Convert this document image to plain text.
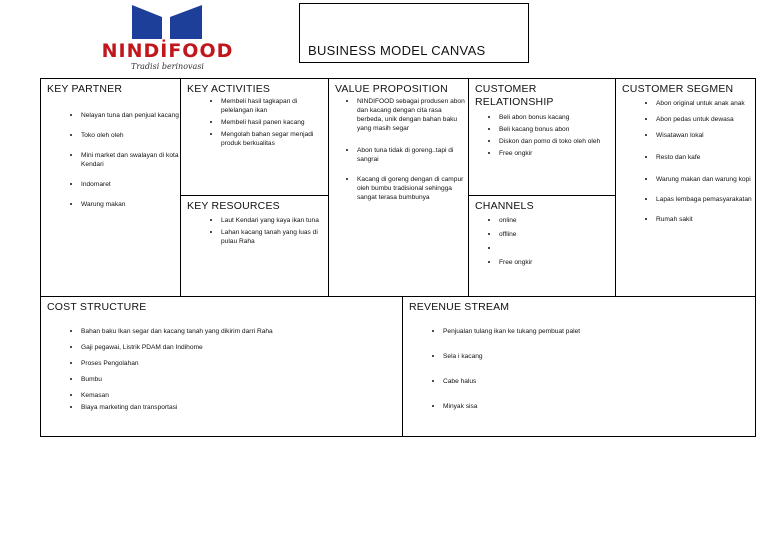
NINDİFOOD
Tradisi berinovasi
BUSINESS MODEL CANVAS
KEY PARTNER
• Nelayan tuna dan penjual kacang
• Toko oleh oleh
• Mini market dan swalayan di kota Kendari
• Indomaret
• Warung makan
KEY ACTIVITIES
• Membeli hasil tagkapan di pelelangan ikan
• Membeli hasil panen kacang
• Mengolah bahan segar menjadi produk berkualitas
KEY RESOURCES
• Laut Kendari yang kaya ikan tuna
• Lahan kacang tanah yang luas di pulau Raha
VALUE PROPOSITION
• NINDIFOOD sebagai produsen abon dan kacang dengan cita rasa berbeda, unik dengan bahan baku yang masih segar
• Abon tuna tidak di goreng..tapi di sangrai
• Kacang di goreng dengan di campur oleh bumbu tradisional sehingga sangat terasa bumbunya
CUSTOMER RELATIONSHIP
• Beli abon bonus kacang
• Beli kacang bonus abon
• Diskon dan pomo di toko oleh oleh
• Free ongkir
CHANNELS
• online
• offline
•
• Free ongkir
CUSTOMER SEGMEN
• Abon original untuk anak anak
• Abon pedas untuk dewasa
• Wisatawan lokal
• Resto dan kafe
• Warung makan dan warung kopi
• Lapas lembaga pemasyarakatan
• Rumah sakit
COST STRUCTURE
• Bahan baku Ikan segar dan kacang tanah yang dikirim darri Raha
• Gaji pegawai, Listrik PDAM dan Indihome
• Proses Pengolahan
• Bumbu
• Kemasan
• Biaya marketing dan transportasi
REVENUE STREAM
• Penjualan tulang ikan ke tukang pembuat palet
• Sela i kacang
• Cabe halus
• Minyak sisa
